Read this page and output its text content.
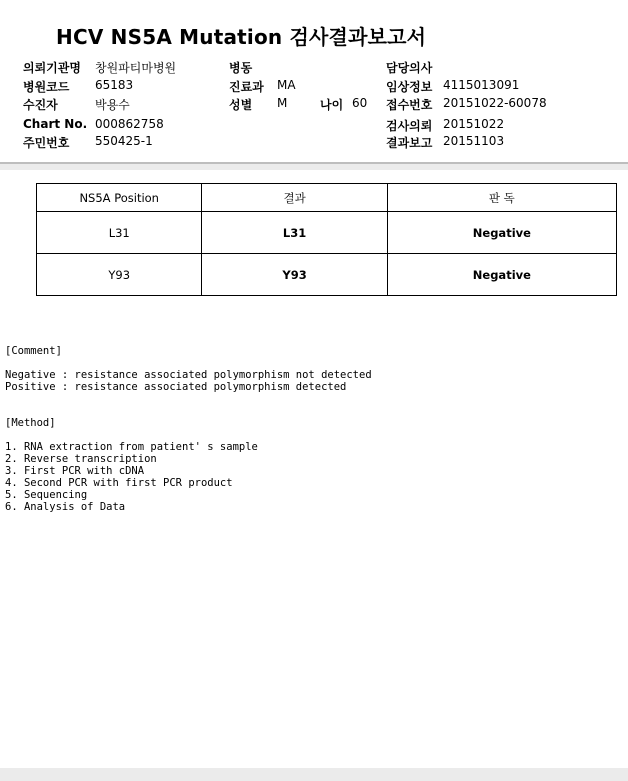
HCV NS5A Mutation 검사결과보고서
의뢰기관명 창원파티마병원
병원코드 65183
수진자	박용수
Chart No. 000862758
주민번호 550425-1
병동
진료과 MA
성별 M	나이 60
담당의사
임상정보 4115013091
접수번호 20151022-60078
검사의뢰 20151022
결과보고 20151103
NS5A Position	결과	판 독
L31	L31	Negative
Y93	Y93	Negative
[Comment]
Negative : resistance associated polymorphism not detected
Positive : resistance associated polymorphism detected
[Method]
1. RNA extraction from patient' s sample
2. Reverse transcription
3. First PCR with cDNA
4. Second PCR with first PCR product
5. Sequencing
6. Analysis of Data
